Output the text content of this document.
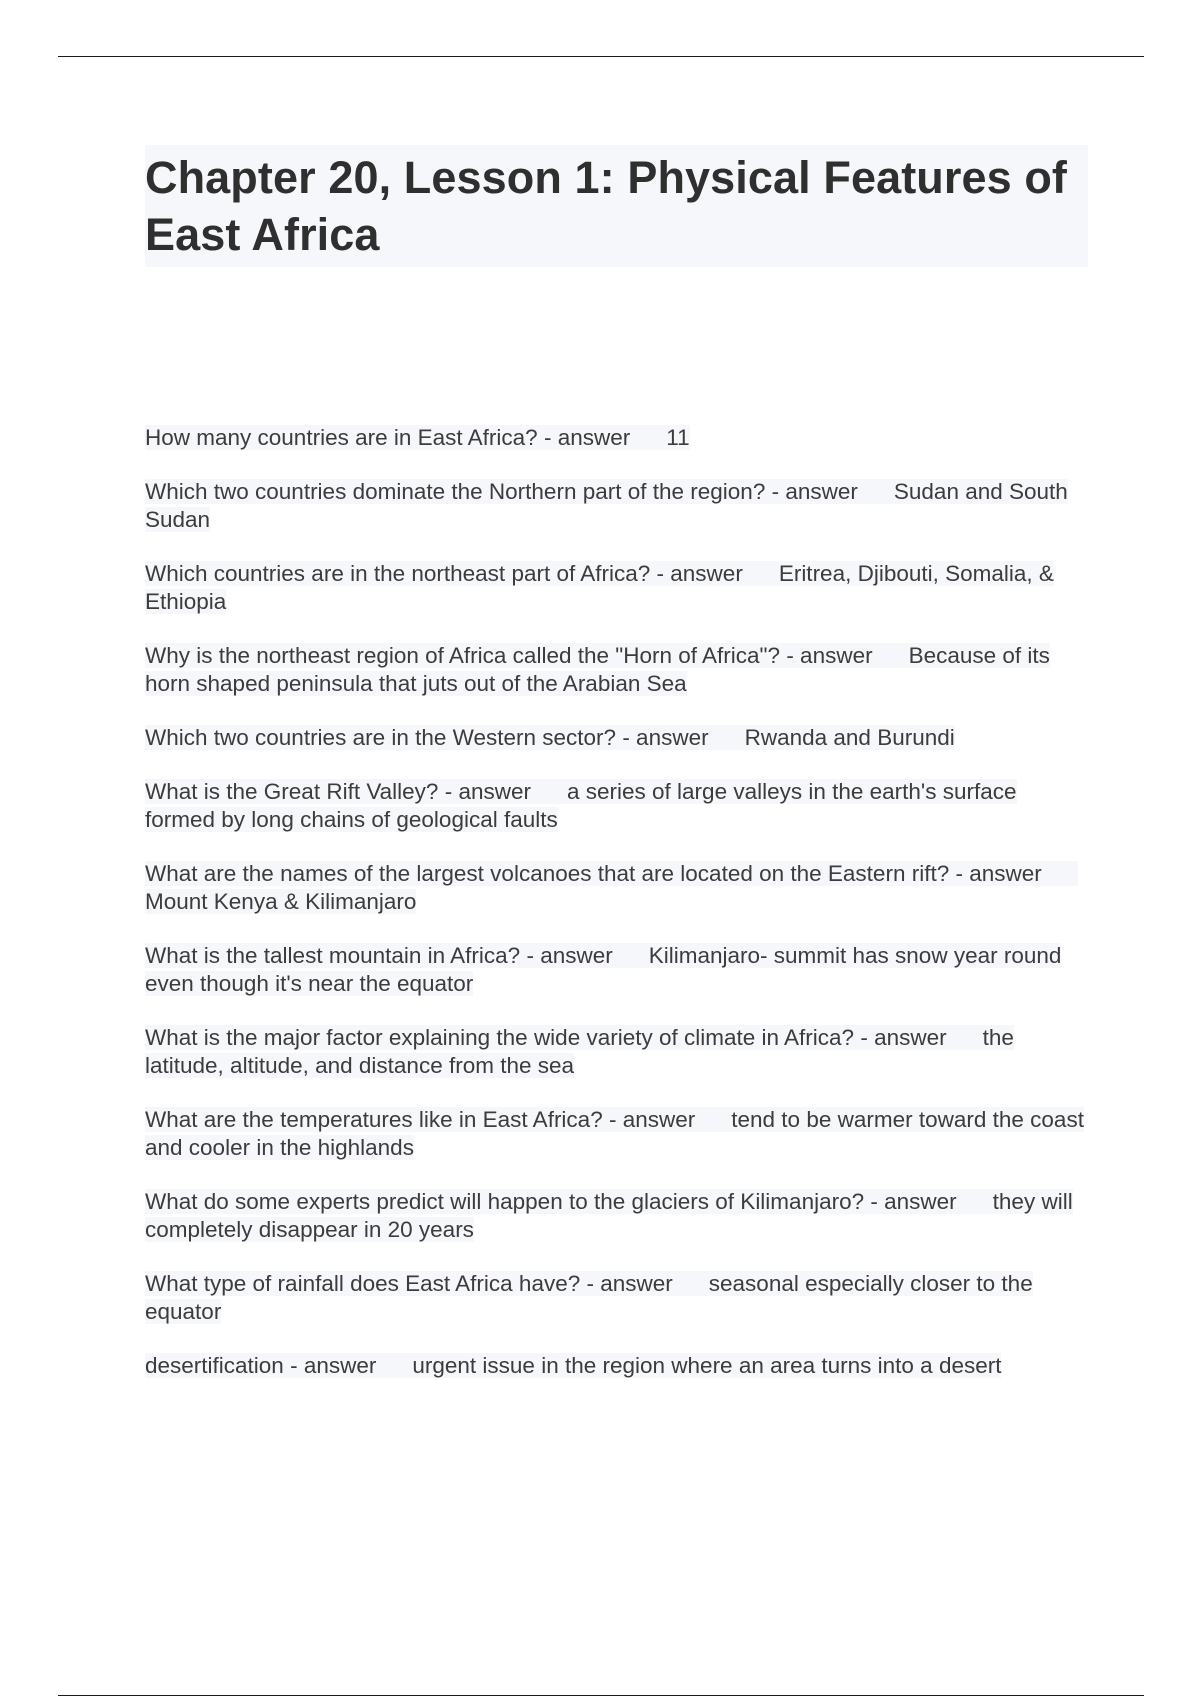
Chapter 20, Lesson 1: Physical Features of East Africa
How many countries are in East Africa? - answer 11
Which two countries dominate the Northern part of the region? - answer Sudan and South Sudan
Which countries are in the northeast part of Africa? - answer Eritrea, Djibouti, Somalia, & Ethiopia
Why is the northeast region of Africa called the "Horn of Africa"? - answer Because of its horn shaped peninsula that juts out of the Arabian Sea
Which two countries are in the Western sector? - answer Rwanda and Burundi
What is the Great Rift Valley? - answer a series of large valleys in the earth's surface formed by long chains of geological faults
What are the names of the largest volcanoes that are located on the Eastern rift? - answerMount Kenya & Kilimanjaro
What is the tallest mountain in Africa? - answer Kilimanjaro- summit has snow year round even though it's near the equator
What is the major factor explaining the wide variety of climate in Africa? - answer the latitude, altitude, and distance from the sea
What are the temperatures like in East Africa? - answer tend to be warmer toward the coast and cooler in the highlands
What do some experts predict will happen to the glaciers of Kilimanjaro? - answer they will completely disappear in 20 years
What type of rainfall does East Africa have? - answer seasonal especially closer to the equator
desertification - answer urgent issue in the region where an area turns into a desert
